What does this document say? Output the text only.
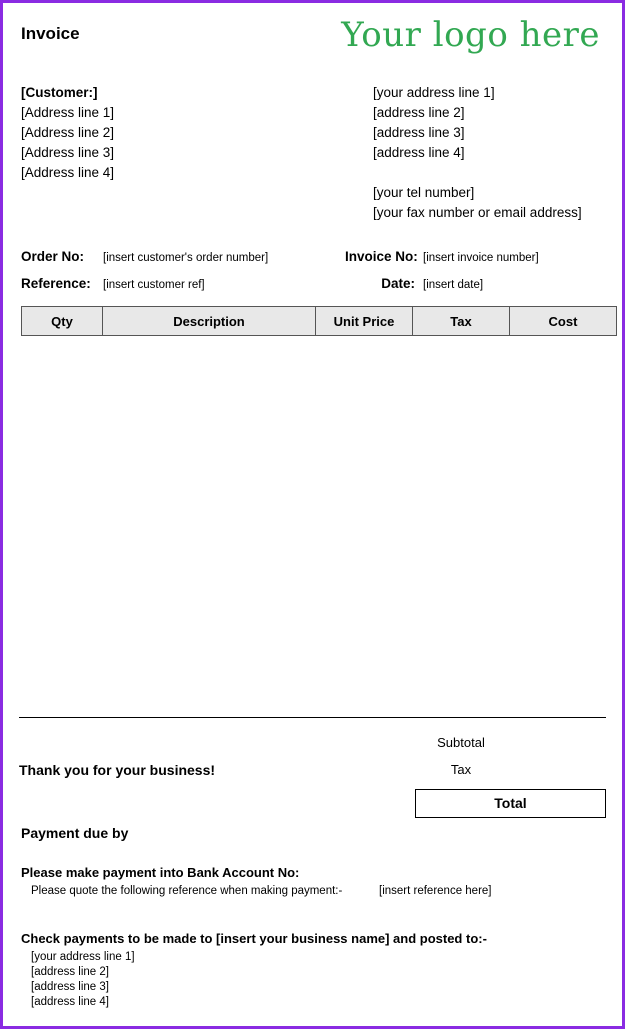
Invoice	Your logo here
[Customer:]
[Address line 1]
[Address line 2]
[Address line 3]
[Address line 4]
[your address line 1]
[address line 2]
[address line 3]
[address line 4]
[your tel number]
[your fax number or email address]
Order No:	[insert customer's order number]	Invoice No: [insert invoice number]
Reference:	[insert customer ref]	Date: [insert date]
Qty	Description	Unit Price	Tax	Cost
Subtotal
Thank you for your business!	Tax
Total
Payment due by
Please make payment into Bank Account No:
Please quote the following reference when making payment:-	[insert reference here]
Check payments to be made to [insert your business name] and posted to:-
[your address line 1]
[address line 2]
[address line 3]
[address line 4]
